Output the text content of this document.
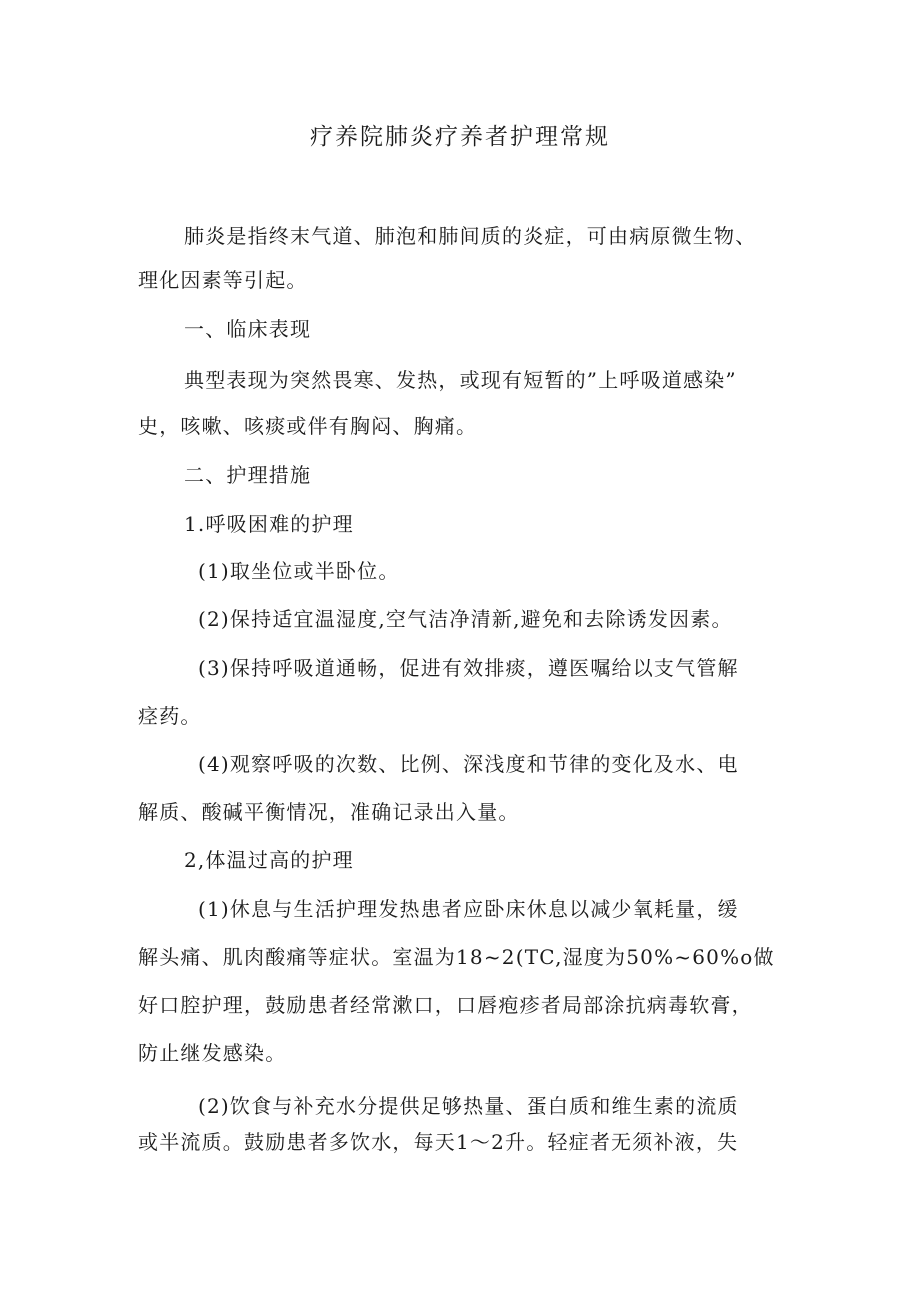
疗养院肺炎疗养者护理常规
肺炎是指终末气道、肺泡和肺间质的炎症，可由病原微生物、
理化因素等引起。
一、临床表现
典型表现为突然畏寒、发热，或现有短暂的”上呼吸道感染”
史，咳嗽、咳痰或伴有胸闷、胸痛。
二、护理措施
1.呼吸困难的护理
(1)取坐位或半卧位。
(2)保持适宜温湿度,空气洁净清新,避免和去除诱发因素。
(3)保持呼吸道通畅，促进有效排痰，遵医嘱给以支气管解
痉药。
(4)观察呼吸的次数、比例、深浅度和节律的变化及水、电
解质、酸碱平衡情况，准确记录出入量。
2,体温过高的护理
(1)休息与生活护理发热患者应卧床休息以减少氧耗量，缓
解头痛、肌肉酸痛等症状。室温为18~2(TC,湿度为50%~60%o做
好口腔护理，鼓励患者经常漱口，口唇疱疹者局部涂抗病毒软膏，
防止继发感染。
(2)饮食与补充水分提供足够热量、蛋白质和维生素的流质
或半流质。鼓励患者多饮水，每天1～2升。轻症者无须补液，失
